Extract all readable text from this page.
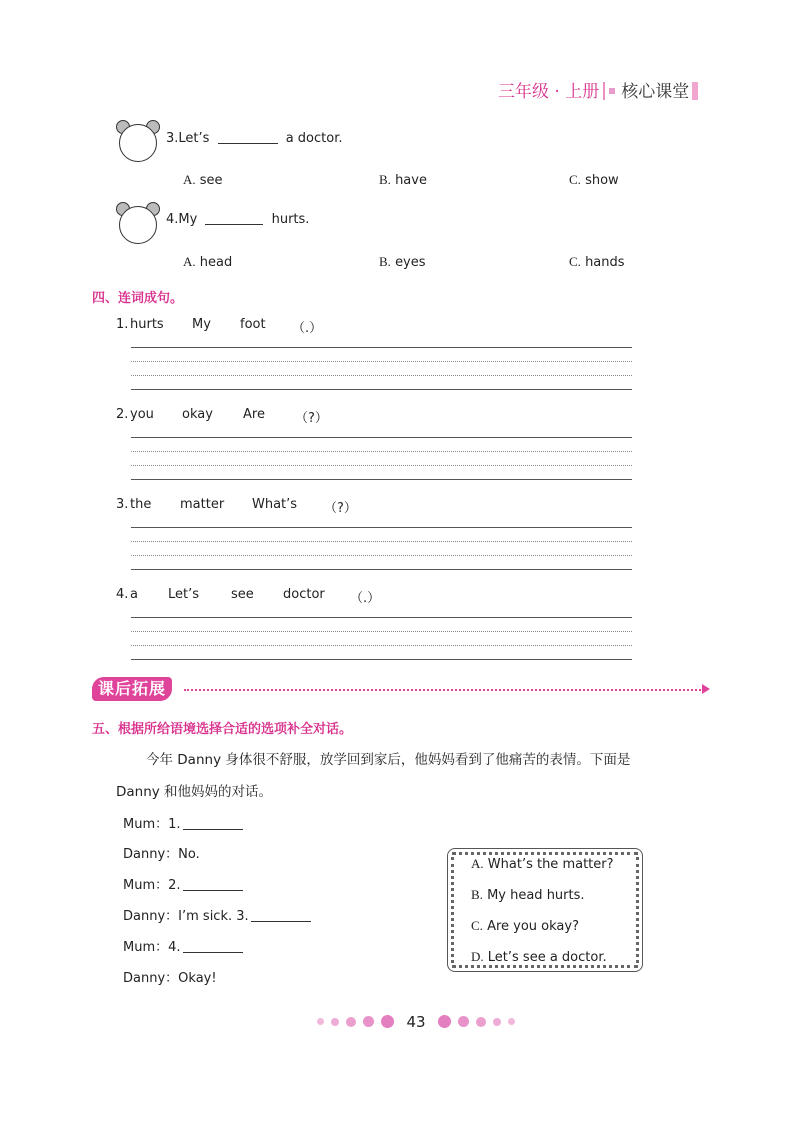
三年级 · 上册 核心课堂
3.Let’s	a doctor.
A. see	B. have	C. show
4.My	hurts.
A. head	B. eyes	C. hands
四、连词成句。
1. hurts My foot （.）
2. you okay Are （?）
3. the matter What’s （?）
4. a Let’s see doctor （.）
课后拓展
五、根据所给语境选择合适的选项补全对话。
今年 Danny 身体很不舒服，放学回到家后，他妈妈看到了他痛苦的表情。下面是
Danny 和他妈妈的对话。
Mum：1.
Danny：No.
Mum：2.
Danny：I’m sick. 3.
Mum：4.
Danny：Okay!
A. What’s the matter?
B. My head hurts.
C. Are you okay?
D. Let’s see a doctor.
43
